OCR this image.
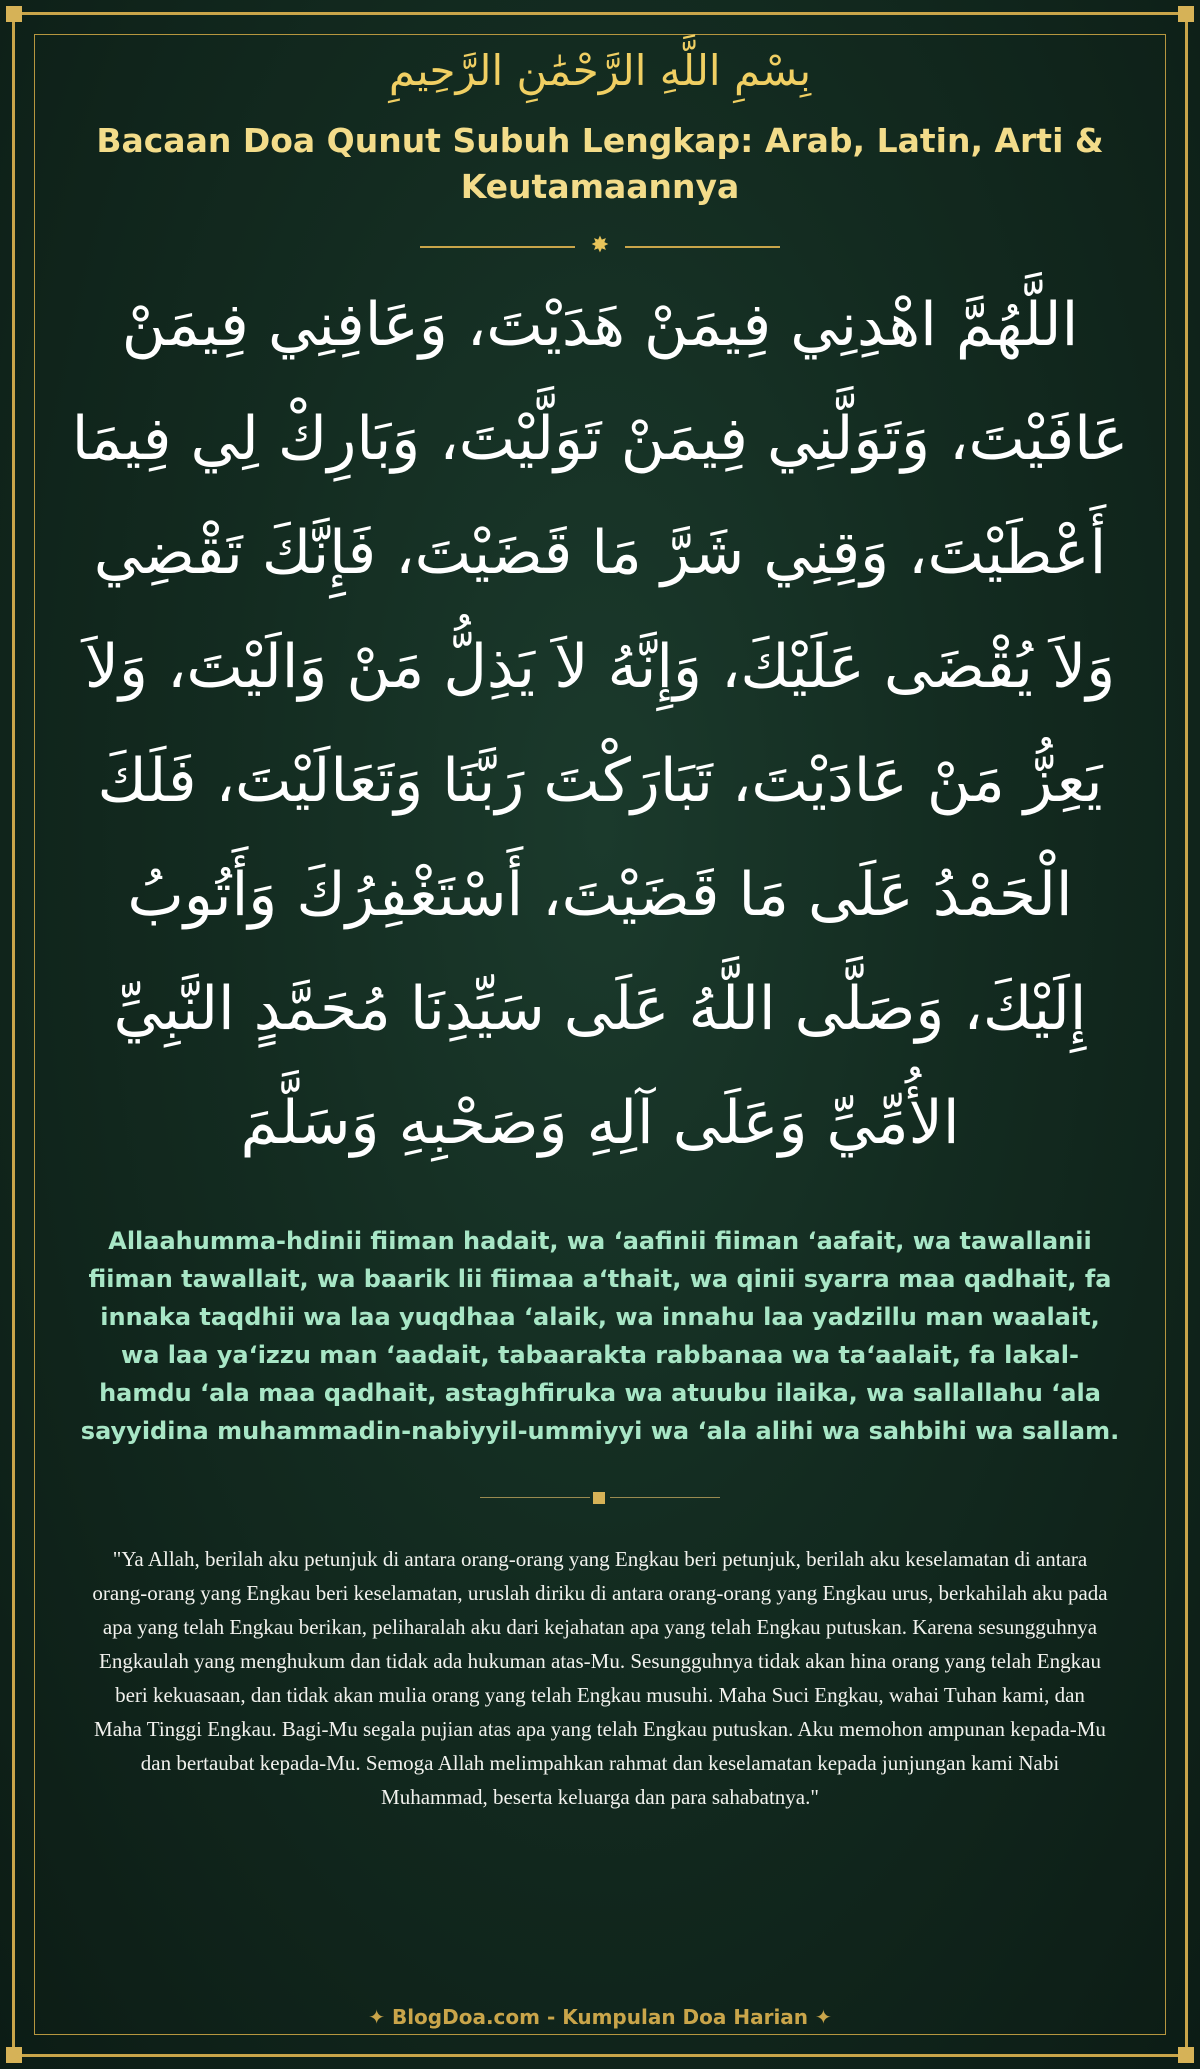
بِسْمِ اللَّهِ الرَّحْمَٰنِ الرَّحِيمِ
Bacaan Doa Qunut Subuh Lengkap: Arab, Latin, Arti & Keutamaannya
✸
اللَّهُمَّ اهْدِنِي فِيمَنْ هَدَيْتَ، وَعَافِنِي فِيمَنْ عَافَيْتَ، وَتَوَلَّنِي فِيمَنْ تَوَلَّيْتَ، وَبَارِكْ لِي فِيمَا أَعْطَيْتَ، وَقِنِي شَرَّ مَا قَضَيْتَ، فَإِنَّكَ تَقْضِي وَلاَ يُقْضَى عَلَيْكَ، وَإِنَّهُ لاَ يَذِلُّ مَنْ وَالَيْتَ، وَلاَ يَعِزُّ مَنْ عَادَيْتَ، تَبَارَكْتَ رَبَّنَا وَتَعَالَيْتَ، فَلَكَ الْحَمْدُ عَلَى مَا قَضَيْتَ، أَسْتَغْفِرُكَ وَأَتُوبُ إِلَيْكَ، وَصَلَّى اللَّهُ عَلَى سَيِّدِنَا مُحَمَّدٍ النَّبِيِّ الأُمِّيِّ وَعَلَى آلِهِ وَصَحْبِهِ وَسَلَّمَ
Allaahumma-hdinii fiiman hadait, wa ‘aafinii fiiman ‘aafait, wa tawallanii fiiman tawallait, wa baarik lii fiimaa a‘thait, wa qinii syarra maa qadhait, fa innaka taqdhii wa laa yuqdhaa ‘alaik, wa innahu laa yadzillu man waalait, wa laa ya‘izzu man ‘aadait, tabaarakta rabbanaa wa ta‘aalait, fa lakal-hamdu ‘ala maa qadhait, astaghfiruka wa atuubu ilaika, wa sallallahu ‘ala sayyidina muhammadin-nabiyyil-ummiyyi wa ‘ala alihi wa sahbihi wa sallam.
"Ya Allah, berilah aku petunjuk di antara orang-orang yang Engkau beri petunjuk, berilah aku keselamatan di antara orang-orang yang Engkau beri keselamatan, uruslah diriku di antara orang-orang yang Engkau urus, berkahilah aku pada apa yang telah Engkau berikan, peliharalah aku dari kejahatan apa yang telah Engkau putuskan. Karena sesungguhnya Engkaulah yang menghukum dan tidak ada hukuman atas-Mu. Sesungguhnya tidak akan hina orang yang telah Engkau beri kekuasaan, dan tidak akan mulia orang yang telah Engkau musuhi. Maha Suci Engkau, wahai Tuhan kami, dan Maha Tinggi Engkau. Bagi-Mu segala pujian atas apa yang telah Engkau putuskan. Aku memohon ampunan kepada-Mu dan bertaubat kepada-Mu. Semoga Allah melimpahkan rahmat dan keselamatan kepada junjungan kami Nabi Muhammad, beserta keluarga dan para sahabatnya."
✦ BlogDoa.com - Kumpulan Doa Harian ✦
